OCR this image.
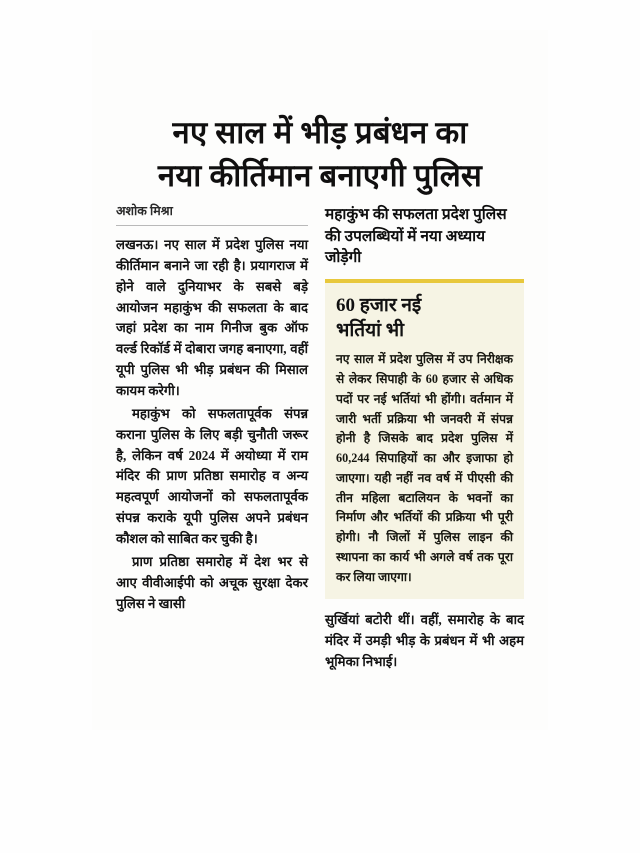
नए साल में भीड़ प्रबंधन का
नया कीर्तिमान बनाएगी पुलिस
अशोक मिश्रा

लखनऊ। नए साल में प्रदेश पुलिस नया कीर्तिमान बनाने जा रही है। प्रयागराज में होने वाले दुनियाभर के सबसे बड़े आयोजन महाकुंभ की सफलता के बाद जहां प्रदेश का नाम गिनीज बुक ऑफ वर्ल्ड रिकॉर्ड में दोबारा जगह बनाएगा, वहीं यूपी पुलिस भी भीड़ प्रबंधन की मिसाल कायम करेगी।

महाकुंभ को सफलतापूर्वक संपन्न कराना पुलिस के लिए बड़ी चुनौती जरूर है, लेकिन वर्ष 2024 में अयोध्या में राम मंदिर की प्राण प्रतिष्ठा समारोह व अन्य महत्वपूर्ण आयोजनों को सफलतापूर्वक संपन्न कराके यूपी पुलिस अपने प्रबंधन कौशल को साबित कर चुकी है।

प्राण प्रतिष्ठा समारोह में देश भर से आए वीवीआईपी को अचूक सुरक्षा देकर पुलिस ने खासी

महाकुंभ की सफलता प्रदेश पुलिस की उपलब्धियों में नया अध्याय जोड़ेगी
60 हजार नई
भर्तियां भी
नए साल में प्रदेश पुलिस में उप निरीक्षक से लेकर सिपाही के 60 हजार से अधिक पदों पर नई भर्तियां भी होंगी। वर्तमान में जारी भर्ती प्रक्रिया भी जनवरी में संपन्न होनी है जिसके बाद प्रदेश पुलिस में 60,244 सिपाहियों का और इजाफा हो जाएगा। यही नहीं नव वर्ष में पीएसी की तीन महिला बटालियन के भवनों का निर्माण और भर्तियों की प्रक्रिया भी पूरी होगी। नौ जिलों में पुलिस लाइन की स्थापना का कार्य भी अगले वर्ष तक पूरा कर लिया जाएगा।
सुर्खियां बटोरी थीं। वहीं, समारोह के बाद मंदिर में उमड़ी भीड़ के प्रबंधन में भी अहम भूमिका निभाई।
